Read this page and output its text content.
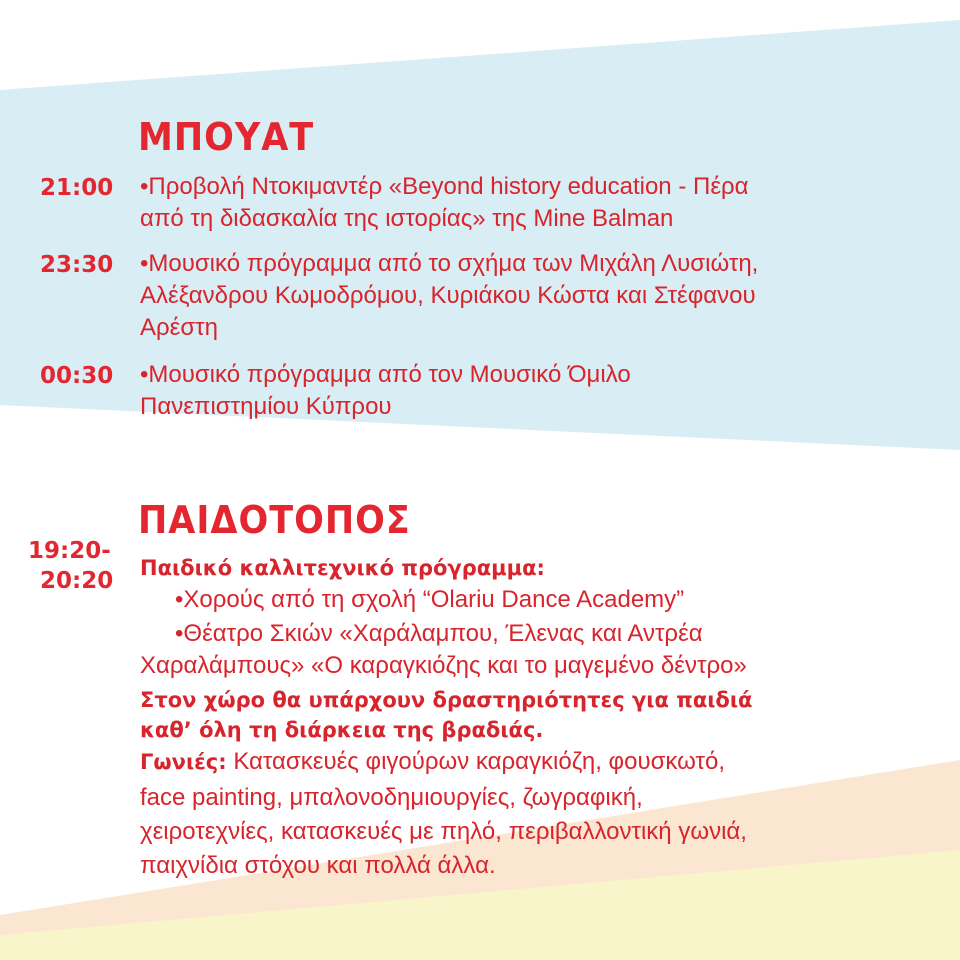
ΜΠΟΥΑΤ
21:00 •Προβολή Ντοκιμαντέρ «Beyond history education - Πέρα
από τη διδασκαλία της ιστορίας» της Mine Balman
23:30 •Μουσικό πρόγραμμα από το σχήμα των Μιχάλη Λυσιώτη,
Αλέξανδρου Κωμοδρόμου, Κυριάκου Κώστα και Στέφανου
Αρέστη
00:30 •Μουσικό πρόγραμμα από τον Μουσικό Όμιλο
Πανεπιστημίου Κύπρου
ΠΑΙΔΟΤΟΠΟΣ
19:20-
20:20 Παιδικό καλλιτεχνικό πρόγραμμα:
•Χορούς από τη σχολή “Olariu Dance Academy”
•Θέατρο Σκιών «Χαράλαμπου, Έλενας και Αντρέα
Χαραλάμπους» «Ο καραγκιόζης και το μαγεμένο δέντρο»
Στον χώρο θα υπάρχουν δραστηριότητες για παιδιά
καθ’ όλη τη διάρκεια της βραδιάς.
Γωνιές: Κατασκευές φιγούρων καραγκιόζη, φουσκωτό,
face painting, μπαλονοδημιουργίες, ζωγραφική,
χειροτεχνίες, κατασκευές με πηλό, περιβαλλοντική γωνιά,
παιχνίδια στόχου και πολλά άλλα.
